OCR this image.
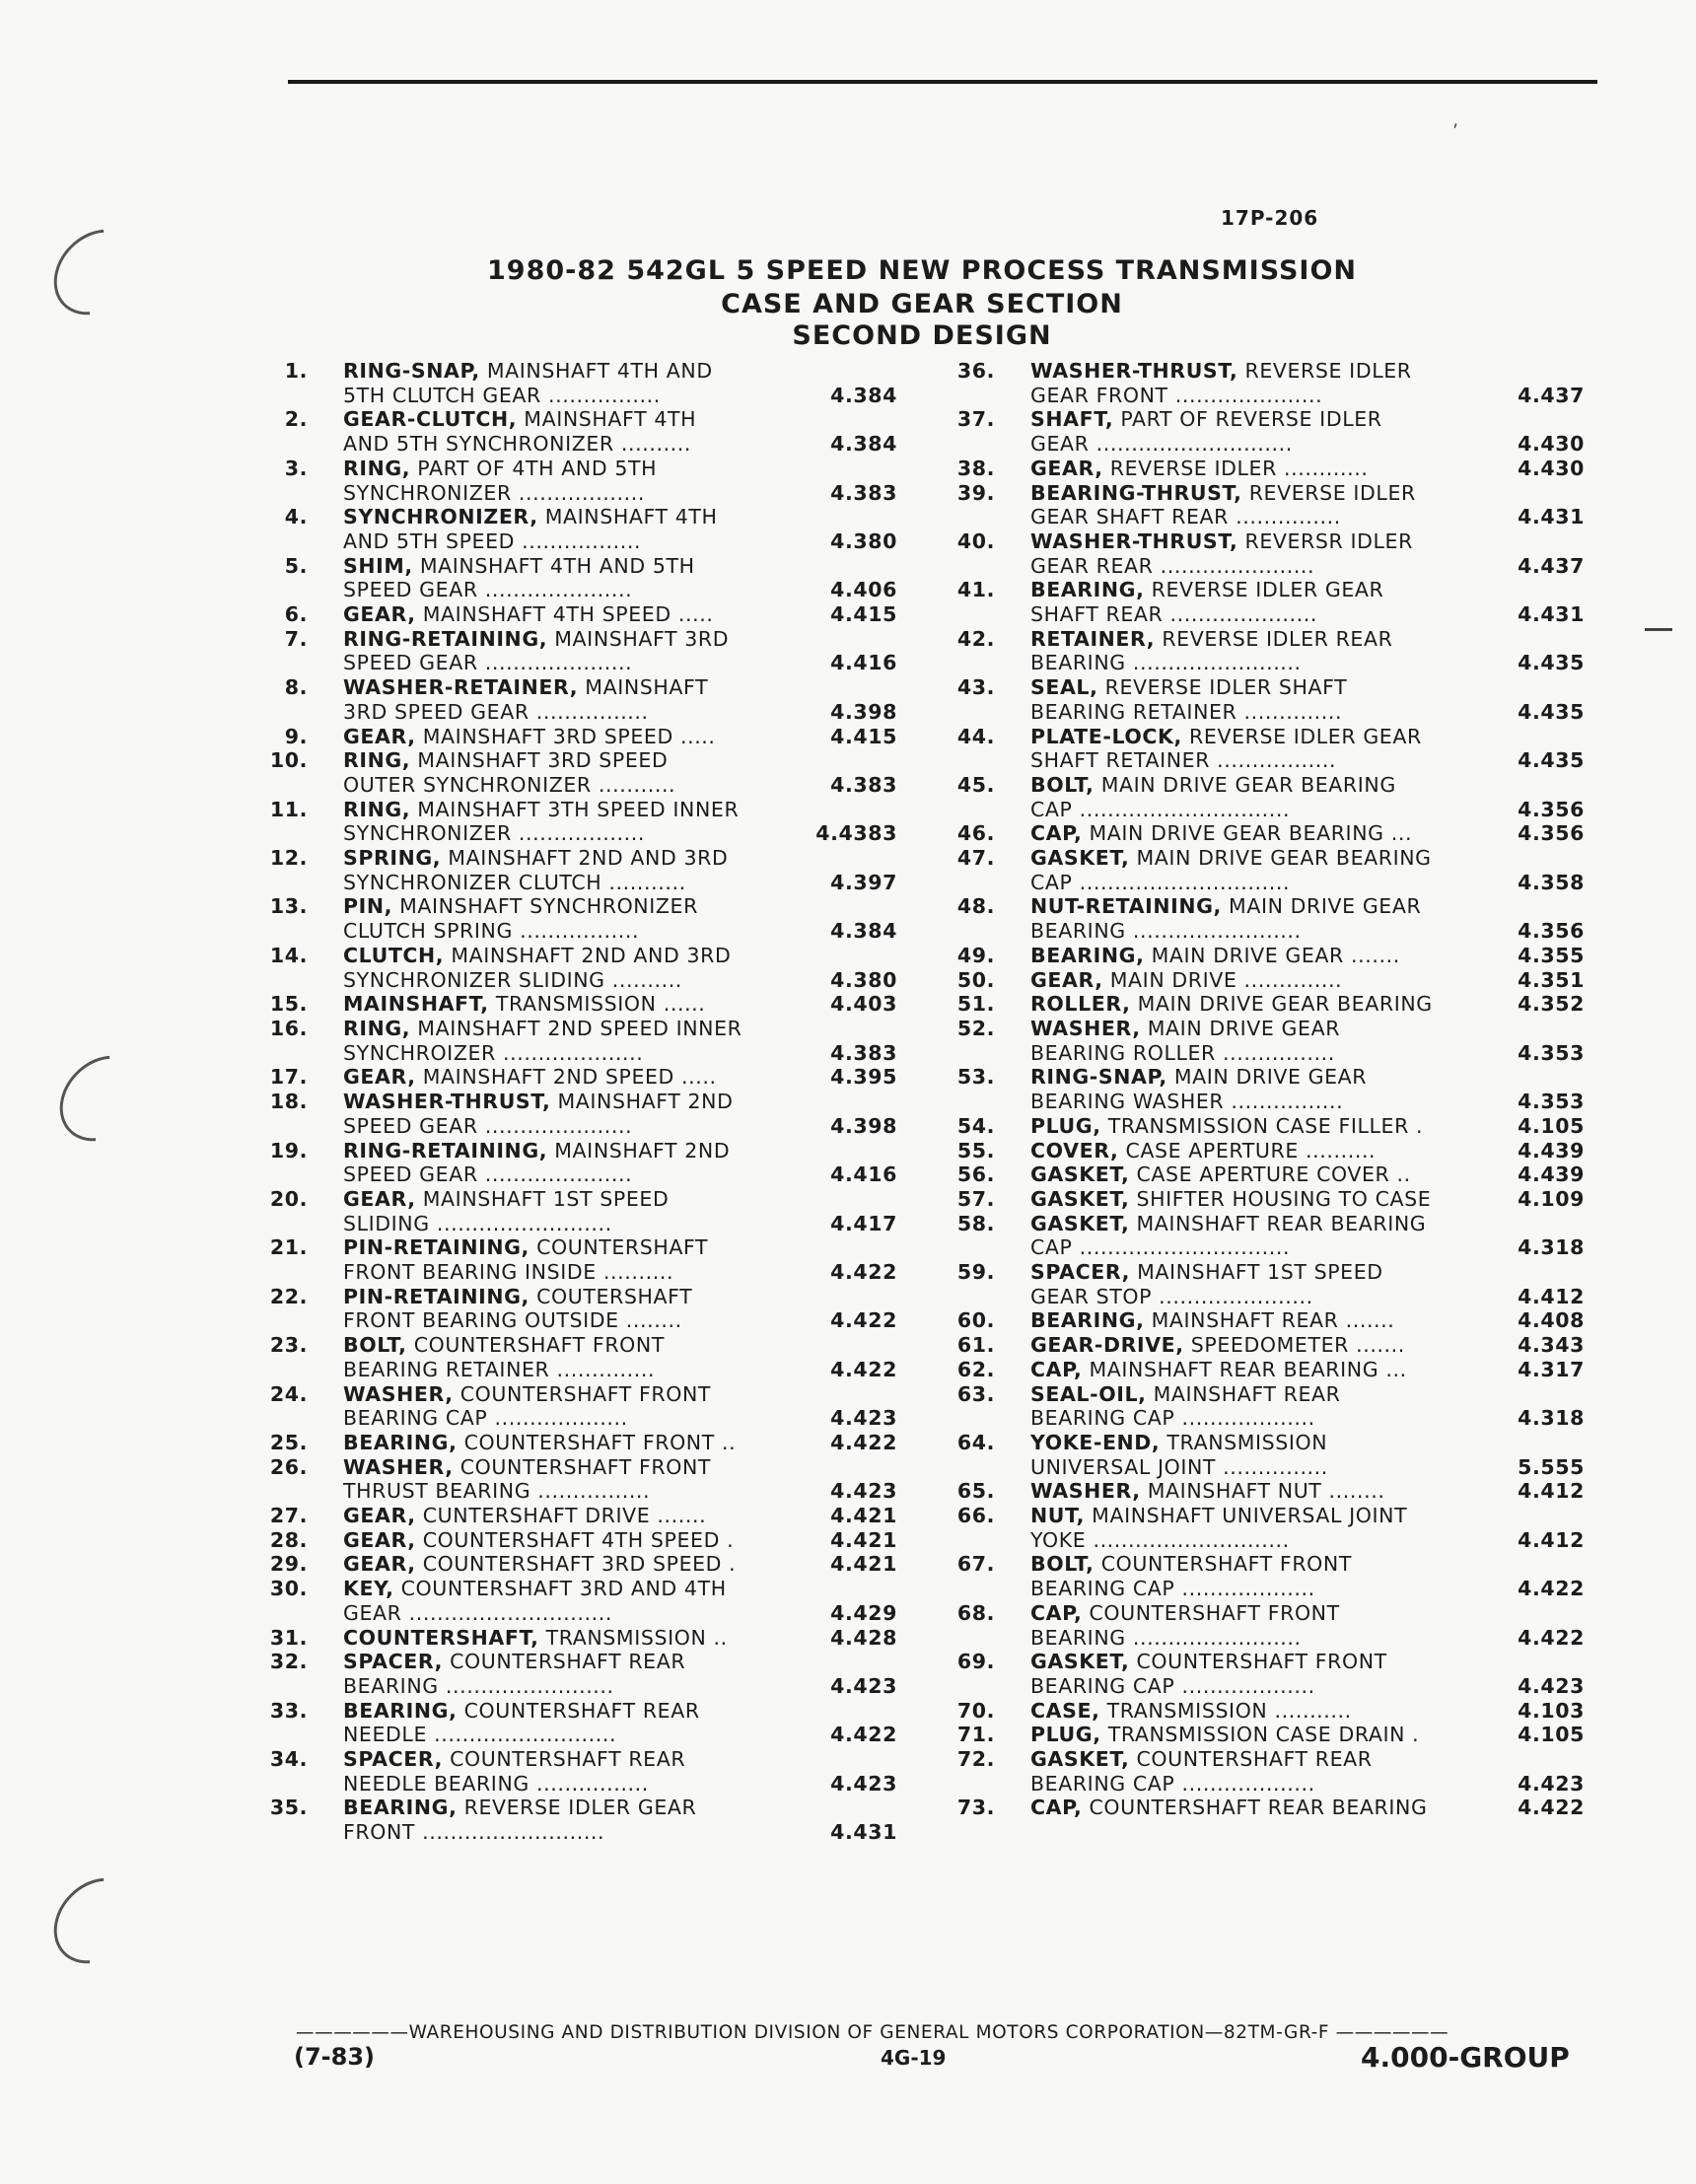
⸴
17P-206
1980-82 542GL 5 SPEED NEW PROCESS TRANSMISSION
CASE AND GEAR SECTION
SECOND DESIGN
1. RING-SNAP, MAINSHAFT 4TH AND
5TH CLUTCH GEAR ................	4.384
2. GEAR-CLUTCH, MAINSHAFT 4TH
AND 5TH SYNCHRONIZER ..........	4.384
3. RING, PART OF 4TH AND 5TH
SYNCHRONIZER ..................	4.383
4. SYNCHRONIZER, MAINSHAFT 4TH
AND 5TH SPEED .................	4.380
5. SHIM, MAINSHAFT 4TH AND 5TH
SPEED GEAR .....................	4.406
6. GEAR, MAINSHAFT 4TH SPEED .....	4.415
7. RING-RETAINING, MAINSHAFT 3RD
SPEED GEAR .....................	4.416
8. WASHER-RETAINER, MAINSHAFT
3RD SPEED GEAR ................	4.398
9. GEAR, MAINSHAFT 3RD SPEED .....	4.415
10. RING, MAINSHAFT 3RD SPEED
OUTER SYNCHRONIZER ...........	4.383
11. RING, MAINSHAFT 3TH SPEED INNER
SYNCHRONIZER ..................	4.4383
12. SPRING, MAINSHAFT 2ND AND 3RD
SYNCHRONIZER CLUTCH ...........	4.397
13. PIN, MAINSHAFT SYNCHRONIZER
CLUTCH SPRING .................	4.384
14. CLUTCH, MAINSHAFT 2ND AND 3RD
SYNCHRONIZER SLIDING ..........	4.380
15. MAINSHAFT, TRANSMISSION ......	4.403
16. RING, MAINSHAFT 2ND SPEED INNER
SYNCHROIZER ....................	4.383
17. GEAR, MAINSHAFT 2ND SPEED .....	4.395
18. WASHER-THRUST, MAINSHAFT 2ND
SPEED GEAR .....................	4.398
19. RING-RETAINING, MAINSHAFT 2ND
SPEED GEAR .....................	4.416
20. GEAR, MAINSHAFT 1ST SPEED
SLIDING .........................	4.417
21. PIN-RETAINING, COUNTERSHAFT
FRONT BEARING INSIDE ..........	4.422
22. PIN-RETAINING, COUTERSHAFT
FRONT BEARING OUTSIDE ........	4.422
23. BOLT, COUNTERSHAFT FRONT
BEARING RETAINER ..............	4.422
24. WASHER, COUNTERSHAFT FRONT
BEARING CAP ...................	4.423
25. BEARING, COUNTERSHAFT FRONT ..	4.422
26. WASHER, COUNTERSHAFT FRONT
THRUST BEARING ................	4.423
27. GEAR, CUNTERSHAFT DRIVE .......	4.421
28. GEAR, COUNTERSHAFT 4TH SPEED .	4.421
29. GEAR, COUNTERSHAFT 3RD SPEED .	4.421
30. KEY, COUNTERSHAFT 3RD AND 4TH
GEAR .............................	4.429
31. COUNTERSHAFT, TRANSMISSION ..	4.428
32. SPACER, COUNTERSHAFT REAR
BEARING ........................	4.423
33. BEARING, COUNTERSHAFT REAR
NEEDLE ..........................	4.422
34. SPACER, COUNTERSHAFT REAR
NEEDLE BEARING ................	4.423
35. BEARING, REVERSE IDLER GEAR
FRONT ..........................	4.431
36. WASHER-THRUST, REVERSE IDLER
GEAR FRONT .....................	4.437
37. SHAFT, PART OF REVERSE IDLER
GEAR ............................	4.430
38. GEAR, REVERSE IDLER ............	4.430
39. BEARING-THRUST, REVERSE IDLER
GEAR SHAFT REAR ...............	4.431
40. WASHER-THRUST, REVERSR IDLER
GEAR REAR ......................	4.437
41. BEARING, REVERSE IDLER GEAR
SHAFT REAR .....................	4.431
42. RETAINER, REVERSE IDLER REAR
BEARING ........................	4.435
43. SEAL, REVERSE IDLER SHAFT
BEARING RETAINER ..............	4.435
44. PLATE-LOCK, REVERSE IDLER GEAR
SHAFT RETAINER .................	4.435
45. BOLT, MAIN DRIVE GEAR BEARING
CAP ..............................	4.356
46. CAP, MAIN DRIVE GEAR BEARING ...	4.356
47. GASKET, MAIN DRIVE GEAR BEARING
CAP ..............................	4.358
48. NUT-RETAINING, MAIN DRIVE GEAR
BEARING ........................	4.356
49. BEARING, MAIN DRIVE GEAR .......	4.355
50. GEAR, MAIN DRIVE ..............	4.351
51. ROLLER, MAIN DRIVE GEAR BEARING	4.352
52. WASHER, MAIN DRIVE GEAR
BEARING ROLLER ................	4.353
53. RING-SNAP, MAIN DRIVE GEAR
BEARING WASHER ................	4.353
54. PLUG, TRANSMISSION CASE FILLER .	4.105
55. COVER, CASE APERTURE ..........	4.439
56. GASKET, CASE APERTURE COVER ..	4.439
57. GASKET, SHIFTER HOUSING TO CASE	4.109
58. GASKET, MAINSHAFT REAR BEARING
CAP ..............................	4.318
59. SPACER, MAINSHAFT 1ST SPEED
GEAR STOP ......................	4.412
60. BEARING, MAINSHAFT REAR .......	4.408
61. GEAR-DRIVE, SPEEDOMETER .......	4.343
62. CAP, MAINSHAFT REAR BEARING ...	4.317
63. SEAL-OIL, MAINSHAFT REAR
BEARING CAP ...................	4.318
64. YOKE-END, TRANSMISSION
UNIVERSAL JOINT ...............	5.555
65. WASHER, MAINSHAFT NUT ........	4.412
66. NUT, MAINSHAFT UNIVERSAL JOINT
YOKE ............................	4.412
67. BOLT, COUNTERSHAFT FRONT
BEARING CAP ...................	4.422
68. CAP, COUNTERSHAFT FRONT
BEARING ........................	4.422
69. GASKET, COUNTERSHAFT FRONT
BEARING CAP ...................	4.423
70. CASE, TRANSMISSION ...........	4.103
71. PLUG, TRANSMISSION CASE DRAIN .	4.105
72. GASKET, COUNTERSHAFT REAR
BEARING CAP ...................	4.423
73. CAP, COUNTERSHAFT REAR BEARING	4.422
——————WAREHOUSING AND DISTRIBUTION DIVISION OF GENERAL MOTORS CORPORATION—82TM-GR-F ——————
(7-83)	4G-19	4.000-GROUP
